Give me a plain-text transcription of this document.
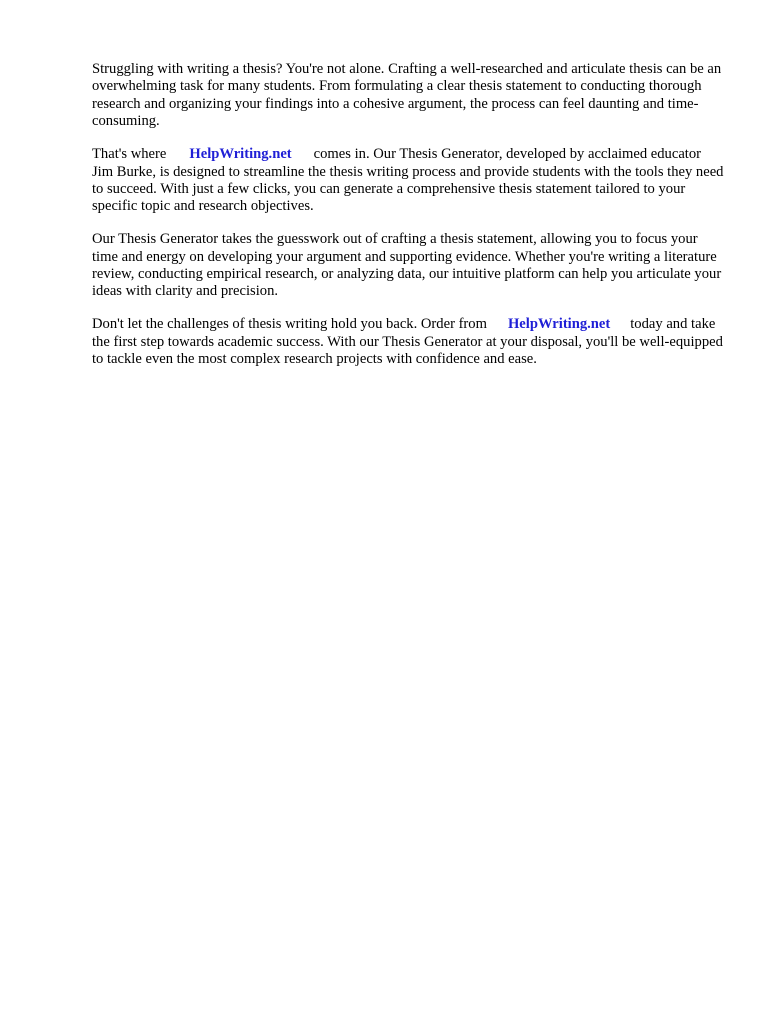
Struggling with writing a thesis? You're not alone. Crafting a well-researched and articulate thesis can be an overwhelming task for many students. From formulating a clear thesis statement to conducting thorough research and organizing your findings into a cohesive argument, the process can feel daunting and time-consuming.

That's where HelpWriting.net comes in. Our Thesis Generator, developed by acclaimed educator Jim Burke, is designed to streamline the thesis writing process and provide students with the tools they need to succeed. With just a few clicks, you can generate a comprehensive thesis statement tailored to your specific topic and research objectives.

Our Thesis Generator takes the guesswork out of crafting a thesis statement, allowing you to focus your time and energy on developing your argument and supporting evidence. Whether you're writing a literature review, conducting empirical research, or analyzing data, our intuitive platform can help you articulate your ideas with clarity and precision.

Don't let the challenges of thesis writing hold you back. Order from HelpWriting.net today and take the first step towards academic success. With our Thesis Generator at your disposal, you'll be well-equipped to tackle even the most complex research projects with confidence and ease.
